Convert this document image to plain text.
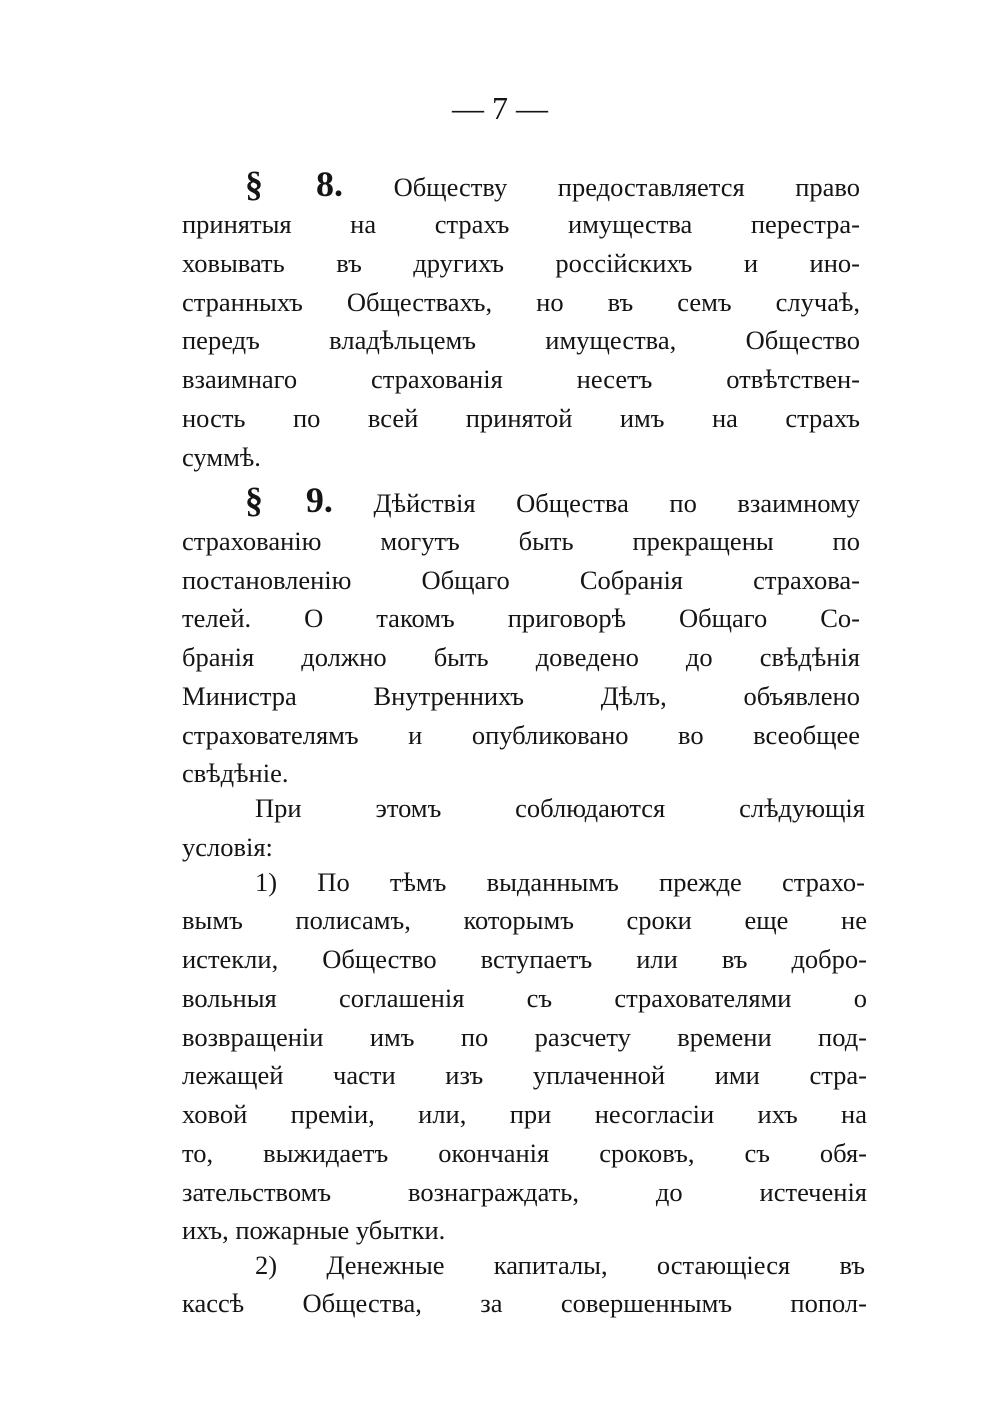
— 7 —
§ 8. Обществу предоставляется право
принятыя на страхъ имущества перестра-
ховывать въ другихъ россійскихъ и ино-
странныхъ Обществахъ, но въ семъ случаѣ,
передъ владѣльцемъ имущества, Общество
взаимнаго страхованія несетъ отвѣтствен-
ность по всей принятой имъ на страхъ
суммѣ.
§ 9. Дѣйствія Общества по взаимному
страхованію могутъ быть прекращены по
постановленію Общаго Собранія страхова-
телей. О такомъ приговорѣ Общаго Со-
бранія должно быть доведено до свѣдѣнія
Министра Внутреннихъ Дѣлъ, объявлено
страхователямъ и опубликовано во всеобщее
свѣдѣніе.
При этомъ соблюдаются слѣдующія
условія:
1) По тѣмъ выданнымъ прежде страхо-
вымъ полисамъ, которымъ сроки еще не
истекли, Общество вступаетъ или въ добро-
вольныя соглашенія съ страхователями о
возвращеніи имъ по разсчету времени под-
лежащей части изъ уплаченной ими стра-
ховой преміи, или, при несогласіи ихъ на
то, выжидаетъ окончанія сроковъ, съ обя-
зательствомъ вознаграждать, до истеченія
ихъ, пожарные убытки.
2) Денежные капиталы, остающіеся въ
кассѣ Общества, за совершеннымъ попол-
